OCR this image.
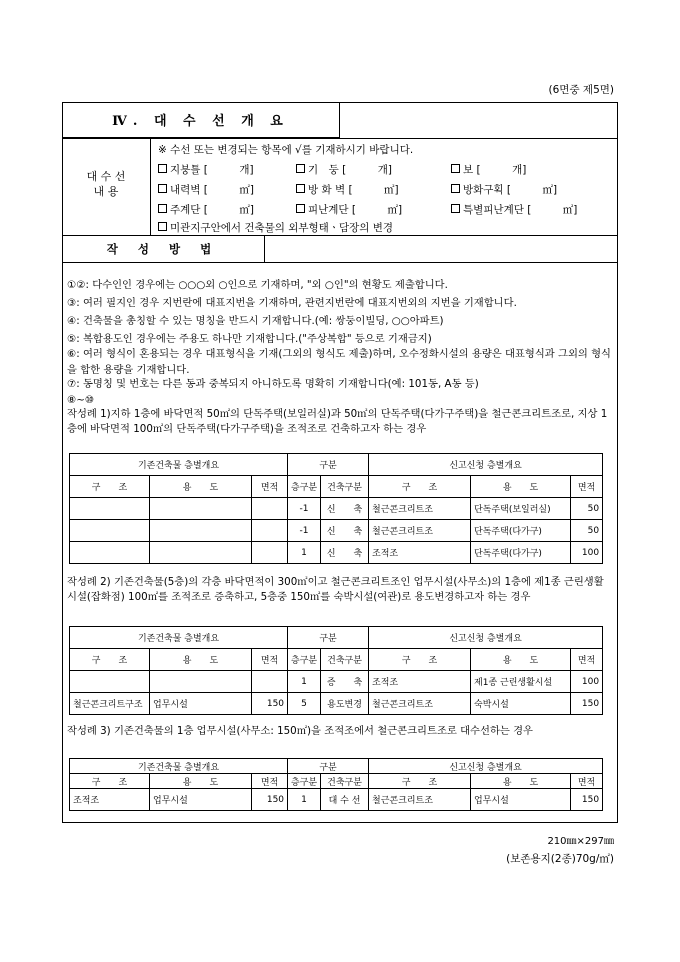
(6면중 제5면)
Ⅳ. 대 수 선 개 요
대 수 선
내 용
※ 수선 또는 변경되는 항목에 √를 기재하시기 바랍니다.
지붕틀 [　　　개]	기　둥 [　　　개]	보 [　　　개]
내력벽 [　　　㎡]	방 화 벽 [　　　㎡]	방화구획 [　　　㎡]
주계단 [　　　㎡]	피난계단 [　　　㎡]	특별피난계단 [　　　㎡]
미관지구안에서 건축물의 외부형태ㆍ담장의 변경
작 성 방 법
①②: 다수인인 경우에는 ○○○외 ○인으로 기재하며, "외 ○인"의 현황도 제출합니다.
③: 여러 필지인 경우 지번란에 대표지번을 기재하며, 관련지번란에 대표지번외의 지번을 기재합니다.
④: 건축물을 총칭할 수 있는 명칭을 반드시 기재합니다.(예: 쌍둥이빌딩, ○○아파트)
⑤: 복합용도인 경우에는 주용도 하나만 기재합니다.("주상복합" 등으로 기재금지)
⑥: 여러 형식이 혼용되는 경우 대표형식을 기재(그외의 형식도 제출)하며, 오수정화시설의 용량은 대표형식과 그외의 형식을 합한 용량을 기재합니다.
⑦: 동명칭 및 번호는 다른 동과 중복되지 아니하도록 명확히 기재합니다(예: 101동, A동 등)
⑧∼⑩
작성례 1)지하 1층에 바닥면적 50㎡의 단독주택(보일러실)과 50㎡의 단독주택(다가구주택)을 철근콘크리트조로, 지상 1층에 바닥면적 100㎡의 단독주택(다가구주택)을 조적조로 건축하고자 하는 경우
기존건축물 층별개요			구분		신고신청 층별개요		
구　　조	용　　도	면적	층구분	건축구분	구　　조	용　　도	면적
			-1	신　　축	철근콘크리트조	단독주택(보일러실)	50
			-1	신　　축	철근콘크리트조	단독주택(다가구)	50
			1	신　　축	조적조	단독주택(다가구)	100
작성례 2) 기존건축물(5층)의 각층 바닥면적이 300㎡이고 철근콘크리트조인 업무시설(사무소)의 1층에 제1종 근린생활시설(잡화점) 100㎡를 조적조로 증축하고, 5층중 150㎡를 숙박시설(여관)로 용도변경하고자 하는 경우
기존건축물 층별개요			구분		신고신청 층별개요		
구　　조	용　　도	면적	층구분	건축구분	구　　조	용　　도	면적
			1	증　　축	조적조	제1종 근린생활시설	100
철근콘크리트구조	업무시설	150	5	용도변경	철근콘크리트조	숙박시설	150
작성례 3) 기존건축물의 1층 업무시설(사무소: 150㎡)을 조적조에서 철근콘크리트조로 대수선하는 경우
기존건축물 층별개요			구분		신고신청 층별개요		
구　　조	용　　도	면적	층구분	건축구분	구　　조	용　　도	면적
조적조	업무시설	150	1	대 수 선	철근콘크리트조	업무시설	150
210㎜×297㎜
(보존용지(2종)70g/㎡)
